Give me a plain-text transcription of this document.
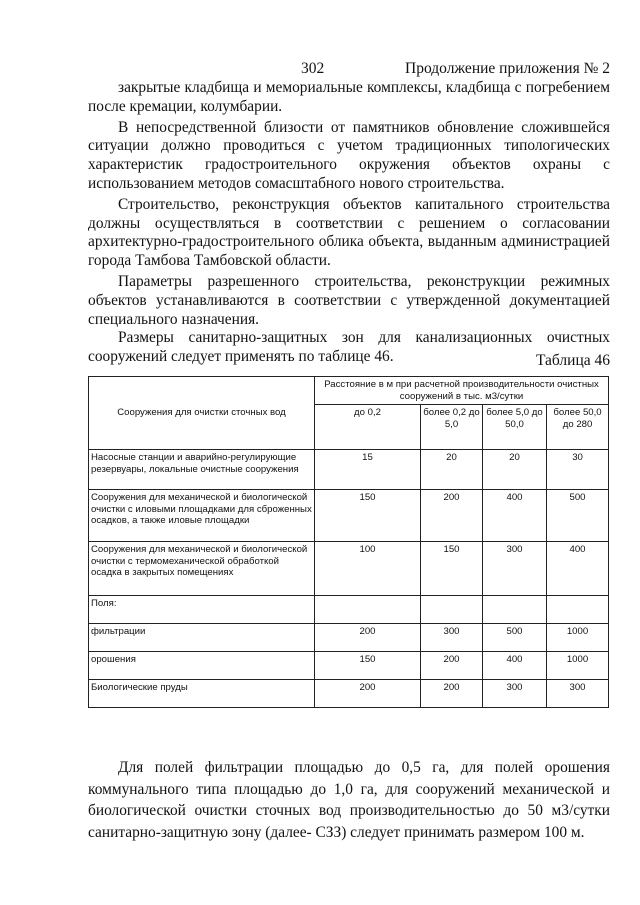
302	Продолжение приложения № 2

закрытые кладбища и мемориальные комплексы, кладбища с погребением после кремации, колумбарии.

В непосредственной близости от памятников обновление сложившейся ситуации должно проводиться с учетом традиционных типологических характеристик градостроительного окружения объектов охраны с использованием методов сомасштабного нового строительства.

Строительство, реконструкция объектов капитального строительства должны осуществляться в соответствии с решением о согласовании архитектурно-градостроительного облика объекта, выданным администрацией города Тамбова Тамбовской области.

Параметры разрешенного строительства, реконструкции режимных объектов устанавливаются в соответствии с утвержденной документацией специального назначения.

Размеры санитарно-защитных зон для канализационных очистных сооружений следует применять по таблице 46.	Таблица 46
Сооружения для очистки сточных вод	Расстояние в м при расчетной производительности очистных сооружений в тыс. м3/сутки			
	до 0,2	более 0,2 до 5,0	более 5,0 до 50,0	более 50,0 до 280
Насосные станции и аварийно-регулирующие резервуары, локальные очистные сооружения	15	20	20	30
Сооружения для механической и биологической очистки с иловыми площадками для сброженных осадков, а также иловые площадки	150	200	400	500
Сооружения для механической и биологической очистки с термомеханической обработкой осадка в закрытых помещениях	100	150	300	400
Поля:				
фильтрации	200	300	500	1000
орошения	150	200	400	1000
Биологические пруды	200	200	300	300

Для полей фильтрации площадью до 0,5 га, для полей орошения коммунального типа площадью до 1,0 га, для сооружений механической и биологической очистки сточных вод производительностью до 50 м3/сутки санитарно-защитную зону (далее- СЗЗ) следует принимать размером 100 м.
